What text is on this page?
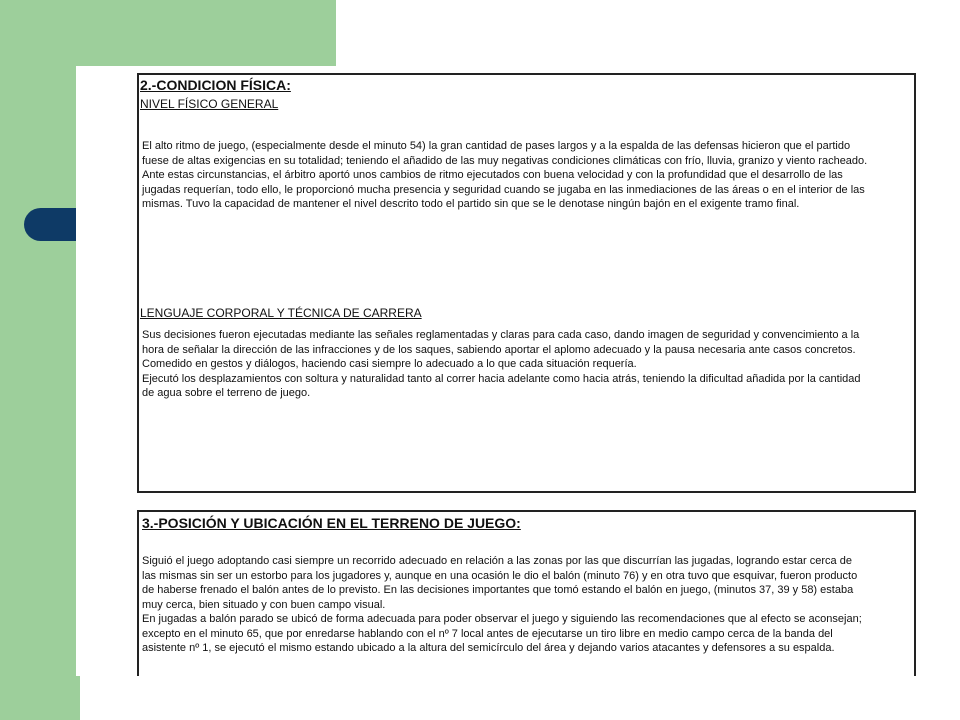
2.-CONDICION FÍSICA:
NIVEL FÍSICO GENERAL
El alto ritmo de juego, (especialmente desde el minuto 54) la gran cantidad de pases largos y a la espalda de las defensas hicieron que el partido
fuese de altas exigencias en su totalidad; teniendo el añadido de las muy negativas condiciones climáticas con frío, lluvia, granizo y viento racheado.
Ante estas circunstancias, el árbitro aportó unos cambios de ritmo ejecutados con buena velocidad y con la profundidad que el desarrollo de las
jugadas requerían, todo ello, le proporcionó mucha presencia y seguridad cuando se jugaba en las inmediaciones de las áreas o en el interior de las
mismas. Tuvo la capacidad de mantener el nivel descrito todo el partido sin que se le denotase ningún bajón en el exigente tramo final.
LENGUAJE CORPORAL Y TÉCNICA DE CARRERA
Sus decisiones fueron ejecutadas mediante las señales reglamentadas y claras para cada caso, dando imagen de seguridad y convencimiento a la
hora de señalar la dirección de las infracciones y de los saques, sabiendo aportar el aplomo adecuado y la pausa necesaria ante casos concretos.
Comedido en gestos y diálogos, haciendo casi siempre lo adecuado a lo que cada situación requería.
Ejecutó los desplazamientos con soltura y naturalidad tanto al correr hacia adelante como hacia atrás, teniendo la dificultad añadida por la cantidad
de agua sobre el terreno de juego.
3.-POSICIÓN Y UBICACIÓN EN EL TERRENO DE JUEGO:
Siguió el juego adoptando casi siempre un recorrido adecuado en relación a las zonas por las que discurrían las jugadas, logrando estar cerca de
las mismas sin ser un estorbo para los jugadores y, aunque en una ocasión le dio el balón (minuto 76) y en otra tuvo que esquivar, fueron producto
de haberse frenado el balón antes de lo previsto. En las decisiones importantes que tomó estando el balón en juego, (minutos 37, 39 y 58) estaba
muy cerca, bien situado y con buen campo visual.
En jugadas a balón parado se ubicó de forma adecuada para poder observar el juego y siguiendo las recomendaciones que al efecto se aconsejan;
excepto en el minuto 65, que por enredarse hablando con el nº 7 local antes de ejecutarse un tiro libre en medio campo cerca de la banda del
asistente nº 1, se ejecutó el mismo estando ubicado a la altura del semicírculo del área y dejando varios atacantes y defensores a su espalda.
